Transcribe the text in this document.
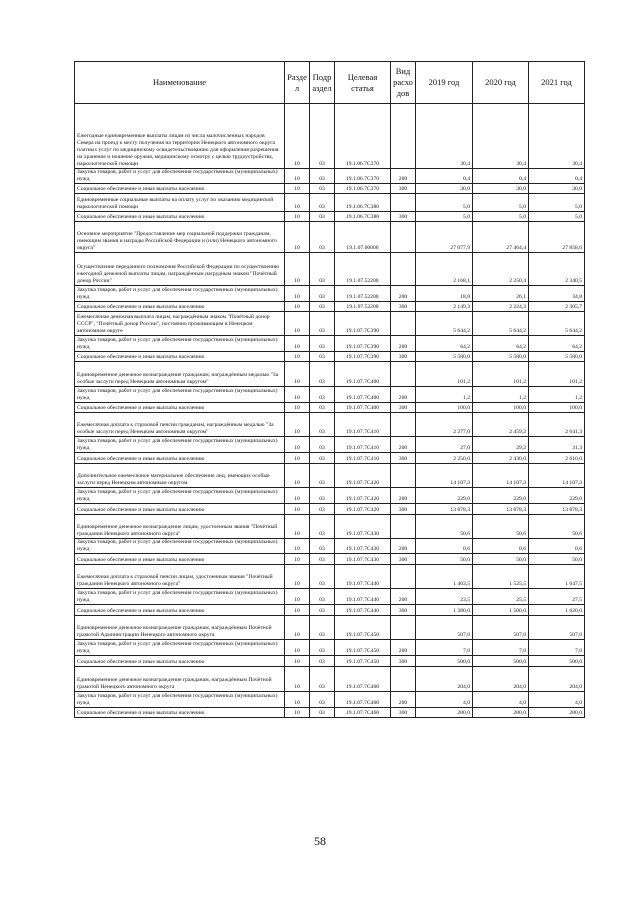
Наименование	Разде л	Подр аздел	Целевая статья	Вид расхо дов	2019 год	2020 год	2021 год
Ежегодные единовременные выплаты лицам из числа малочисленных народов Севера на проезд к месту получения на территории Ненецкого автономного округа платных услуг по медицинскому освидетельствованию для оформления разрешения на хранение и ношение оружия, медицинскому осмотру с целью трудоустройства, наркологической помощи	10	03	19.1.06.7С370		30,4	30,4	30,4
Закупка товаров, работ и услуг для обеспечения государственных (муниципальных) нужд	10	03	19.1.06.7С370	200	0,4	0,4	0,4
Социальное обеспечение и иные выплаты населению	10	03	19.1.06.7С370	300	30,0	30,0	30,0
Единовременные социальные выплаты на оплату услуг по оказанию медицинской наркологической помощи	10	03	19.1.06.7С380		5,0	5,0	5,0
Социальное обеспечение и иные выплаты населению	10	03	19.1.06.7С380	300	5,0	5,0	5,0
Основное мероприятие "Предоставление мер социальной поддержки гражданам, имеющим звания и награды Российской Федерации и (или) Ненецкого автономного округа"	10	03	19.1.07.00000		27 077,9	27 464,4	27 858,6
Осуществление переданного полномочия Российской Федерации по осуществлению ежегодной денежной выплаты лицам, награждённым нагрудным знаком "Почётный донор России"	10	03	19.1.07.52200		2 168,1	2 250,4	2 340,5
Закупка товаров, работ и услуг для обеспечения государственных (муниципальных) нужд	10	03	19.1.07.52200	200	18,8	26,1	34,8
Социальное обеспечение и иные выплаты населению	10	03	19.1.07.52200	300	2 149,3	2 224,3	2 305,7
Ежемесячная денежная выплата лицам, награждённым знаком "Почётный донор СССР", "Почётный донор России", постоянно проживающим в Ненецком автономном округе	10	03	19.1.07.7С390		5 644,2	5 644,2	5 644,2
Закупка товаров, работ и услуг для обеспечения государственных (муниципальных) нужд	10	03	19.1.07.7С390	200	64,2	64,2	64,2
Социальное обеспечение и иные выплаты населению	10	03	19.1.07.7С390	300	5 580,0	5 580,0	5 580,0
Единовременное денежное вознаграждение гражданам, награждённым медалью "За особые заслуги перед Ненецким автономным округом"	10	03	19.1.07.7С400		101,2	101,2	101,2
Закупка товаров, работ и услуг для обеспечения государственных (муниципальных) нужд	10	03	19.1.07.7С400	200	1,2	1,2	1,2
Социальное обеспечение и иные выплаты населению	10	03	19.1.07.7С400	300	100,0	100,0	100,0
Ежемесячная доплата к страховой пенсии гражданам, награждённым медалью "За особые заслуги перед Ненецким автономным округом"	10	03	19.1.07.7С410		2 277,0	2 459,2	2 641,3
Закупка товаров, работ и услуг для обеспечения государственных (муниципальных) нужд	10	03	19.1.07.7С410	200	27,0	29,2	31,3
Социальное обеспечение и иные выплаты населению	10	03	19.1.07.7С410	300	2 250,0	2 430,0	2 610,0
Дополнительное ежемесячное материальное обеспечение лиц, имеющих особые заслуги перед Ненецким автономным округом	10	03	19.1.07.7С420		14 107,3	14 107,3	14 107,3
Закупка товаров, работ и услуг для обеспечения государственных (муниципальных) нужд	10	03	19.1.07.7С420	200	229,0	229,0	229,0
Социальное обеспечение и иные выплаты населению	10	03	19.1.07.7С420	300	13 878,3	13 878,3	13 878,3
Единовременное денежное вознаграждение лицам, удостоенным звания "Почётный гражданин Ненецкого автономного округа"	10	03	19.1.07.7С430		50,6	50,6	50,6
Закупка товаров, работ и услуг для обеспечения государственных (муниципальных) нужд	10	03	19.1.07.7С430	200	0,6	0,6	0,6
Социальное обеспечение и иные выплаты населению	10	03	19.1.07.7С430	300	50,0	50,0	50,0
Ежемесячная доплата к страховой пенсии лицам, удостоенным звания "Почётный гражданин Ненецкого автономного округа"	10	03	19.1.07.7С440		1 403,5	1 525,5	1 647,5
Закупка товаров, работ и услуг для обеспечения государственных (муниципальных) нужд	10	03	19.1.07.7С440	200	23,5	25,5	27,5
Социальное обеспечение и иные выплаты населению	10	03	19.1.07.7С440	300	1 380,0	1 500,0	1 620,0
Единовременное денежное вознаграждение гражданам, награждённым Почётной грамотой Администрации Ненецкого автономного округа	10	03	19.1.07.7С450		507,0	507,0	507,0
Закупка товаров, работ и услуг для обеспечения государственных (муниципальных) нужд	10	03	19.1.07.7С450	200	7,0	7,0	7,0
Социальное обеспечение и иные выплаты населению	10	03	19.1.07.7С450	300	500,0	500,0	500,0
Единовременное денежное вознаграждение гражданам, награждённым Почётной грамотой Ненецкого автономного округа	10	03	19.1.07.7С460		204,0	204,0	204,0
Закупка товаров, работ и услуг для обеспечения государственных (муниципальных) нужд	10	03	19.1.07.7С460	200	4,0	4,0	4,0
Социальное обеспечение и иные выплаты населению	10	03	19.1.07.7С460	300	200,0	200,0	200,0
58
